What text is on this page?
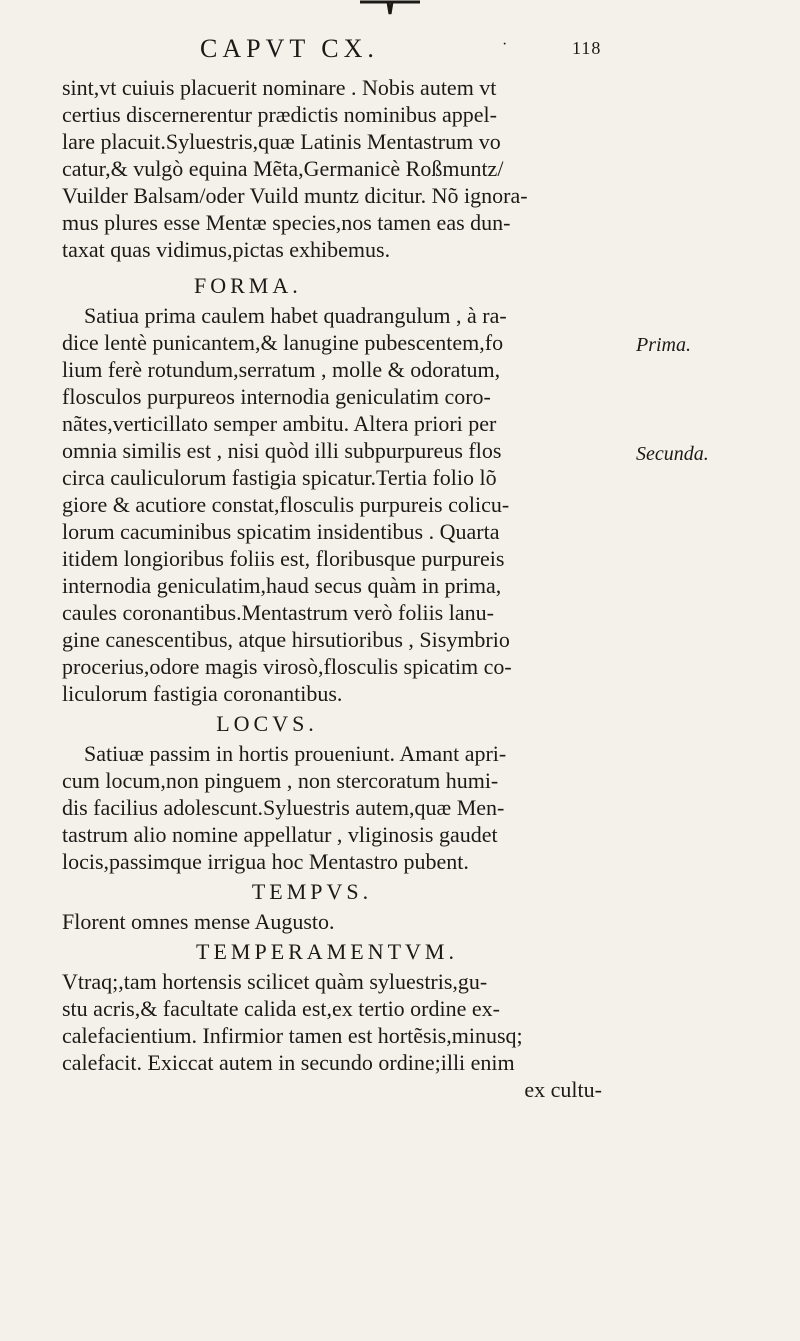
CAPVT CX.	·	118
Prima.
Secunda.
sint,vt cuiuis placuerit nominare . Nobis autem vt
certius discernerentur prædictis nominibus appel-
lare placuit.Syluestris,quæ Latinis Mentastrum vo
catur,& vulgò equina Mẽta,Germanicè Roßmuntz/
Vuilder Balsam/oder Vuild muntz dicitur. Nõ ignora-
mus plures esse Mentæ species,nos tamen eas dun-
taxat quas vidimus,pictas exhibemus.
FORMA.
Satiua prima caulem habet quadrangulum , à ra-
dice lentè punicantem,& lanugine pubescentem,fo
lium ferè rotundum,serratum , molle & odoratum,
flosculos purpureos internodia geniculatim coro-
nãtes,verticillato semper ambitu. Altera priori per
omnia similis est , nisi quòd illi subpurpureus flos
circa cauliculorum fastigia spicatur.Tertia folio lõ
giore & acutiore constat,flosculis purpureis colicu-
lorum cacuminibus spicatim insidentibus . Quarta
itidem longioribus foliis est, floribusque purpureis
internodia geniculatim,haud secus quàm in prima,
caules coronantibus.Mentastrum verò foliis lanu-
gine canescentibus, atque hirsutioribus , Sisymbrio
procerius,odore magis virosò,flosculis spicatim co-
liculorum fastigia coronantibus.
LOCVS.
Satiuæ passim in hortis proueniunt. Amant apri-
cum locum,non pinguem , non stercoratum humi-
dis facilius adolescunt.Syluestris autem,quæ Men-
tastrum alio nomine appellatur , vliginosis gaudet
locis,passimque irrigua hoc Mentastro pubent.
TEMPVS.
Florent omnes mense Augusto.
TEMPERAMENTVM.
Vtraq;,tam hortensis scilicet quàm syluestris,gu-
stu acris,& facultate calida est,ex tertio ordine ex-
calefacientium. Infirmior tamen est hortẽsis,minusq;
calefacit. Exiccat autem in secundo ordine;illi enim
ex cultu-
